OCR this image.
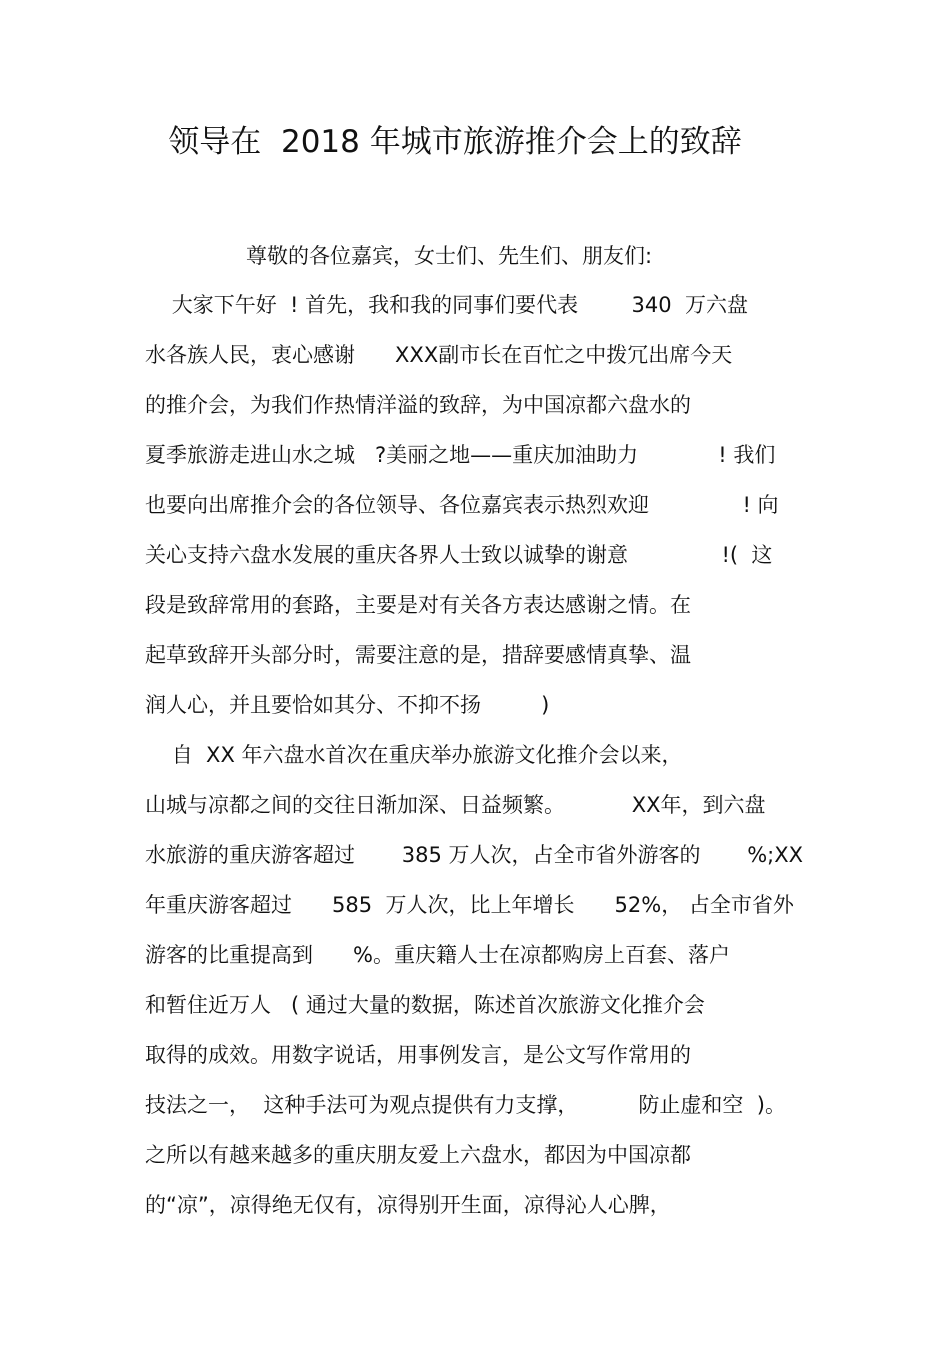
领导在  2018 年城市旅游推介会上的致辞
尊敬的各位嘉宾，女士们、先生们、朋友们:
大家下午好  ! 首先，我和我的同事们要代表        340  万六盘
水各族人民，衷心感谢      XXX副市长在百忙之中拨冗出席今天
的推介会，为我们作热情洋溢的致辞，为中国凉都六盘水的
夏季旅游走进山水之城   ?美丽之地——重庆加油助力            ! 我们
也要向出席推介会的各位领导、各位嘉宾表示热烈欢迎              ! 向
关心支持六盘水发展的重庆各界人士致以诚挚的谢意              !(  这
段是致辞常用的套路，主要是对有关各方表达感谢之情。在
起草致辞开头部分时，需要注意的是，措辞要感情真挚、温
润人心，并且要恰如其分、不抑不扬         )
自  XX 年六盘水首次在重庆举办旅游文化推介会以来，
山城与凉都之间的交往日渐加深、日益频繁。          XX年，到六盘
水旅游的重庆游客超过       385 万人次，占全市省外游客的       %;XX
年重庆游客超过      585  万人次，比上年增长      52%， 占全市省外
游客的比重提高到      %。重庆籍人士在凉都购房上百套、落户
和暂住近万人   ( 通过大量的数据，陈述首次旅游文化推介会
取得的成效。用数字说话，用事例发言，是公文写作常用的
技法之一，  这种手法可为观点提供有力支撑，         防止虚和空  )。
之所以有越来越多的重庆朋友爱上六盘水，都因为中国凉都
的“凉”，凉得绝无仅有，凉得别开生面，凉得沁人心脾，
